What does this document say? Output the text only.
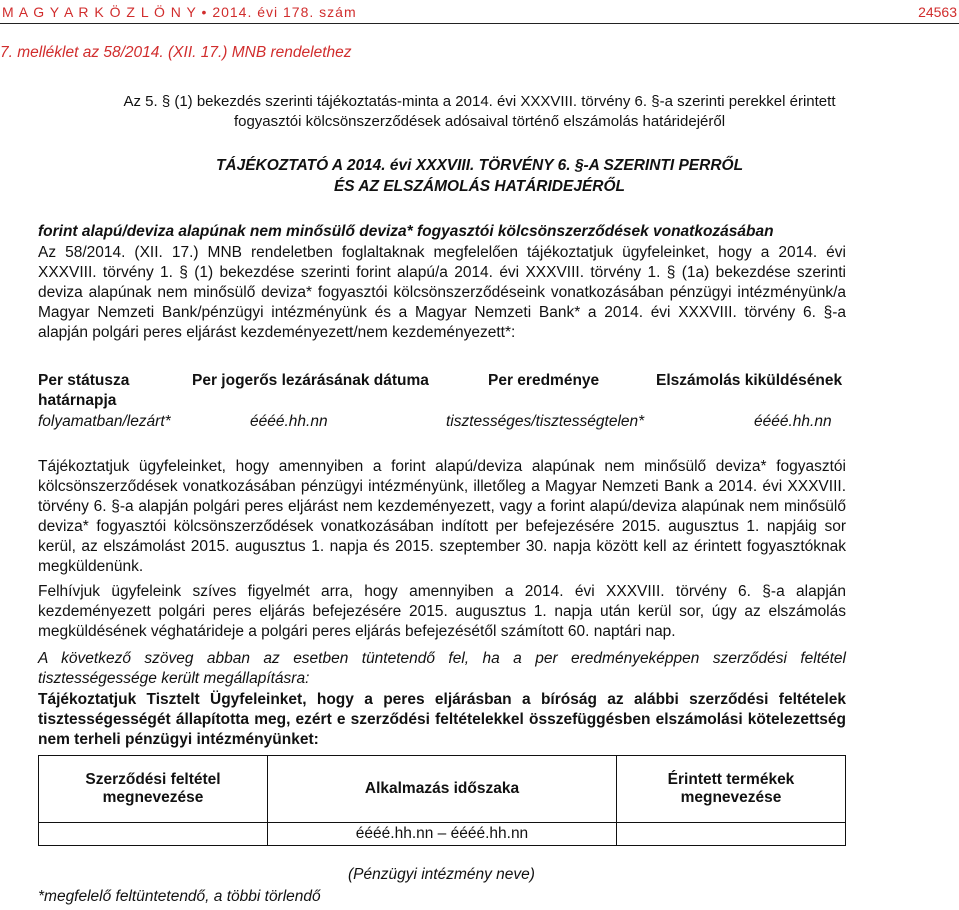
M A G Y A R K Ö Z L Ö N Y • 2014. évi 178. szám	24563
7. melléklet az 58/2014. (XII. 17.) MNB rendelethez
Az 5. § (1) bekezdés szerinti tájékoztatás-minta a 2014. évi XXXVIII. törvény 6. §-a szerinti perekkel érintett
fogyasztói kölcsönszerződések adósaival történő elszámolás határidejéről
TÁJÉKOZTATÓ A 2014. évi XXXVIII. TÖRVÉNY 6. §-A SZERINTI PERRŐL
ÉS AZ ELSZÁMOLÁS HATÁRIDEJÉRŐL
forint alapú/deviza alapúnak nem minősülő deviza* fogyasztói kölcsönszerződések vonatkozásában
Az 58/2014. (XII. 17.) MNB rendeletben foglaltaknak megfelelően tájékoztatjuk ügyfeleinket, hogy a 2014. évi XXXVIII. törvény 1. § (1) bekezdése szerinti forint alapú/a 2014. évi XXXVIII. törvény 1. § (1a) bekezdése szerinti deviza alapúnak nem minősülő deviza* fogyasztói kölcsönszerződéseink vonatkozásában pénzügyi intézményünk/a Magyar Nemzeti Bank/pénzügyi intézményünk és a Magyar Nemzeti Bank* a 2014. évi XXXVIII. törvény 6. §-a alapján polgári peres eljárást kezdeményezett/nem kezdeményezett*:
Per státusza	Per jogerős lezárásának dátuma	Per eredménye	Elszámolás kiküldésének
határnapja
folyamatban/lezárt*	éééé.hh.nn	tisztességes/tisztességtelen*	éééé.hh.nn
Tájékoztatjuk ügyfeleinket, hogy amennyiben a forint alapú/deviza alapúnak nem minősülő deviza* fogyasztói kölcsönszerződések vonatkozásában pénzügyi intézményünk, illetőleg a Magyar Nemzeti Bank a 2014. évi XXXVIII. törvény 6. §-a alapján polgári peres eljárást nem kezdeményezett, vagy a forint alapú/deviza alapúnak nem minősülő deviza* fogyasztói kölcsönszerződések vonatkozásában indított per befejezésére 2015. augusztus 1. napjáig sor kerül, az elszámolást 2015. augusztus 1. napja és 2015. szeptember 30. napja között kell az érintett fogyasztóknak megküldenünk.
Felhívjuk ügyfeleink szíves figyelmét arra, hogy amennyiben a 2014. évi XXXVIII. törvény 6. §-a alapján kezdeményezett polgári peres eljárás befejezésére 2015. augusztus 1. napja után kerül sor, úgy az elszámolás megküldésének véghatárideje a polgári peres eljárás befejezésétől számított 60. naptári nap.
A következő szöveg abban az esetben tüntetendő fel, ha a per eredményeképpen szerződési feltétel tisztességessége került megállapításra:
Tájékoztatjuk Tisztelt Ügyfeleinket, hogy a peres eljárásban a bíróság az alábbi szerződési feltételek tisztességességét állapította meg, ezért e szerződési feltételekkel összefüggésben elszámolási kötelezettség nem terheli pénzügyi intézményünket:
Szerződési feltétel megnevezése	Alkalmazás időszaka	Érintett termékek megnevezése
	éééé.hh.nn – éééé.hh.nn	
(Pénzügyi intézmény neve)
*megfelelő feltüntetendő, a többi törlendő
